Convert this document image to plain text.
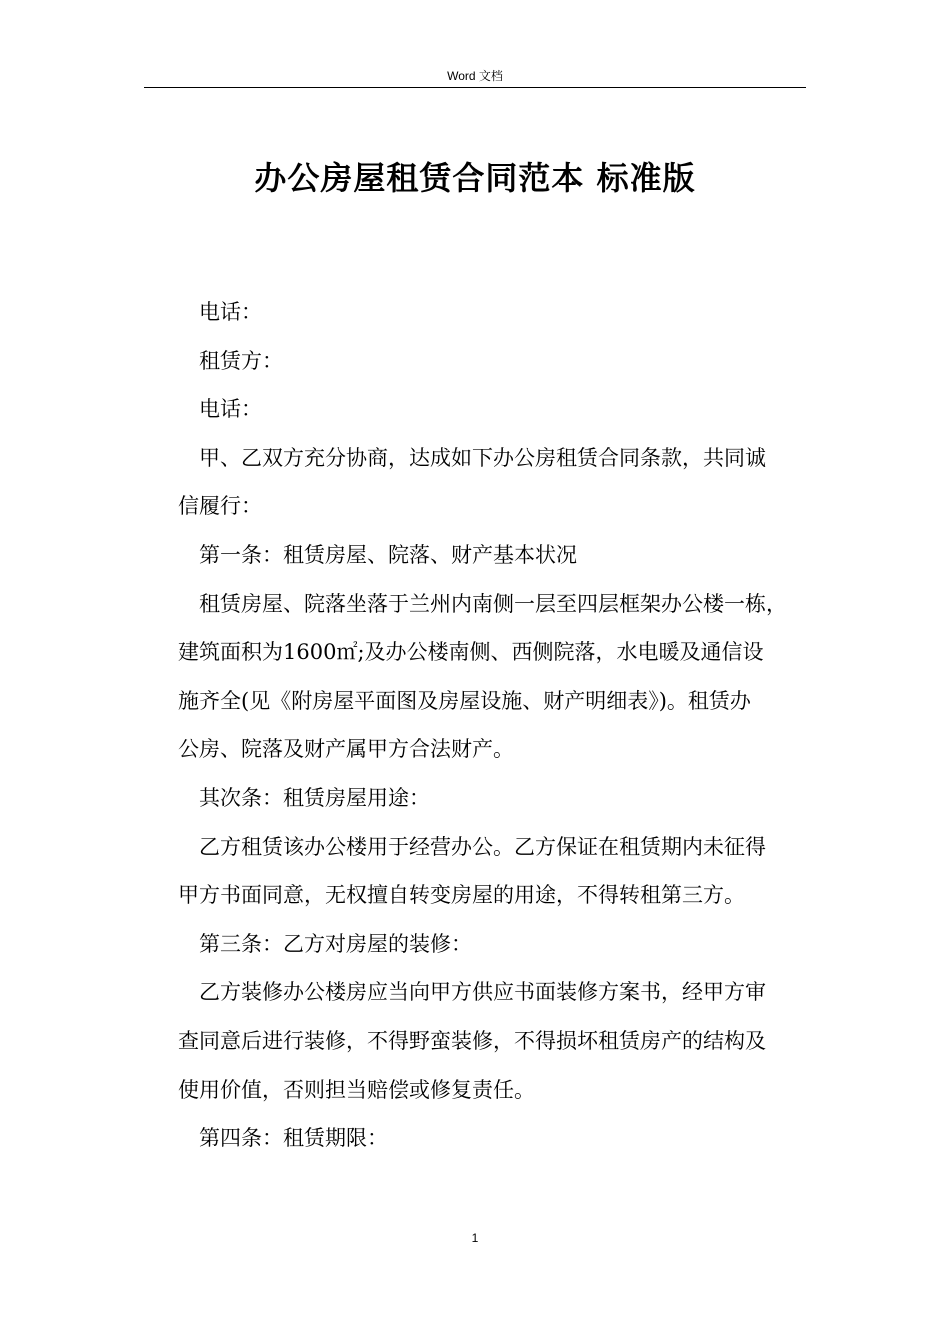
Word 文档
办公房屋租赁合同范本 标准版

电话：

租赁方：

电话：

甲、乙双方充分协商，达成如下办公房租赁合同条款，共同诚
信履行：

第一条：租赁房屋、院落、财产基本状况

租赁房屋、院落坐落于兰州内南侧一层至四层框架办公楼一栋，
建筑面积为1600㎡;及办公楼南侧、西侧院落，水电暖及通信设
施齐全(见《附房屋平面图及房屋设施、财产明细表》)。租赁办
公房、院落及财产属甲方合法财产。

其次条：租赁房屋用途：

乙方租赁该办公楼用于经营办公。乙方保证在租赁期内未征得
甲方书面同意，无权擅自转变房屋的用途，不得转租第三方。

第三条：乙方对房屋的装修：

乙方装修办公楼房应当向甲方供应书面装修方案书，经甲方审
查同意后进行装修，不得野蛮装修，不得损坏租赁房产的结构及
使用价值，否则担当赔偿或修复责任。

第四条：租赁期限：

1
